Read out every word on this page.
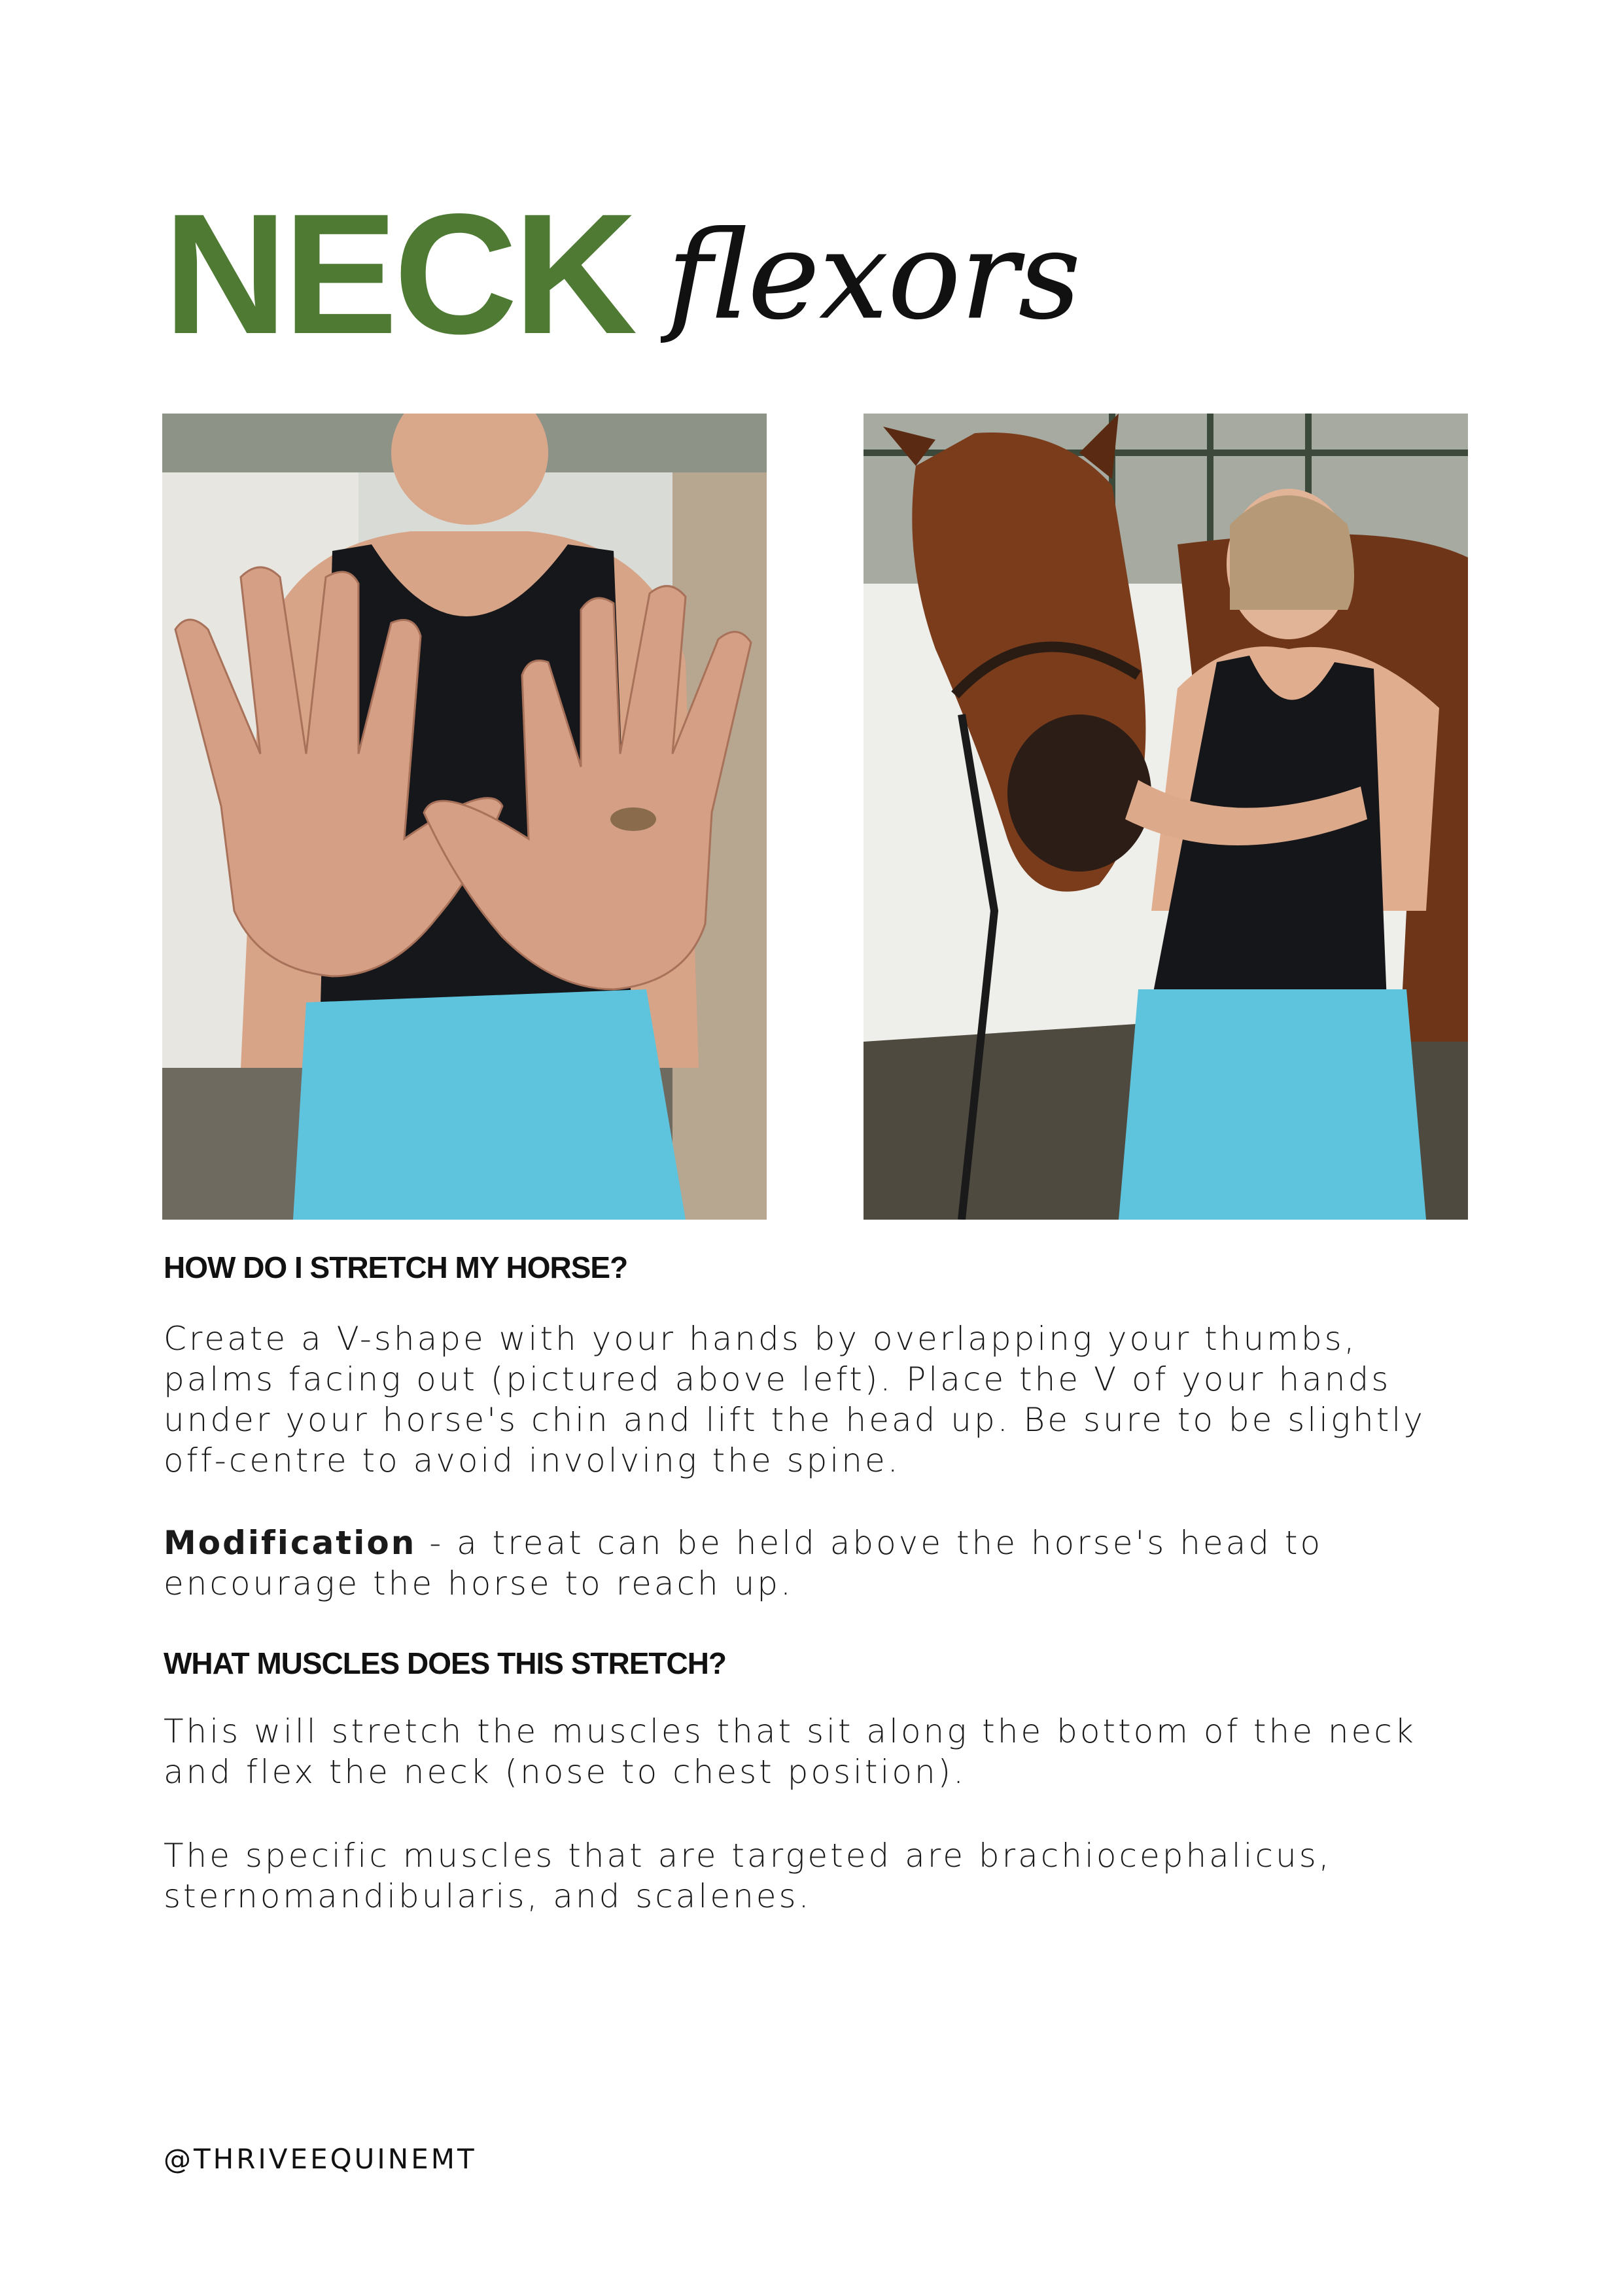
NECK flexors
HOW DO I STRETCH MY HORSE?

Create a V-shape with your hands by overlapping your thumbs, palms facing out (pictured above left). Place the V of your hands under your horse's chin and lift the head up. Be sure to be slightly off-centre to avoid involving the spine.

Modification - a treat can be held above the horse's head to encourage the horse to reach up.

WHAT MUSCLES DOES THIS STRETCH?

This will stretch the muscles that sit along the bottom of the neck and flex the neck (nose to chest position).

The specific muscles that are targeted are brachiocephalicus, sternomandibularis, and scalenes.

@THRIVEEQUINEMT
